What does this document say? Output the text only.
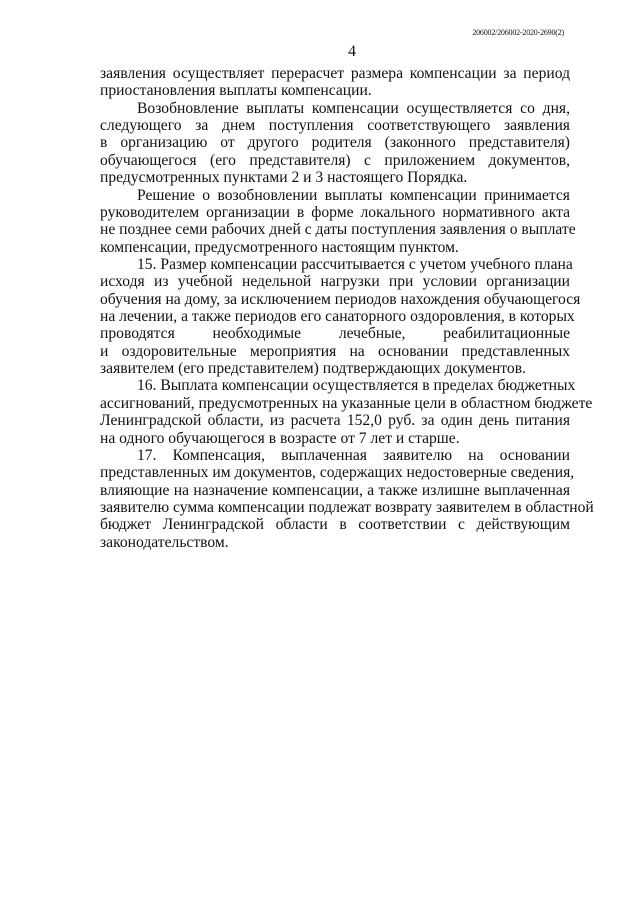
206002/206002-2020-2690(2)
4
заявления осуществляет перерасчет размера компенсации за период
приостановления выплаты компенсации.
Возобновление выплаты компенсации осуществляется со дня,
следующего за днем поступления соответствующего заявления
в организацию от другого родителя (законного представителя)
обучающегося (его представителя) с приложением документов,
предусмотренных пунктами 2 и 3 настоящего Порядка.
Решение о возобновлении выплаты компенсации принимается
руководителем организации в форме локального нормативного акта
не позднее семи рабочих дней с даты поступления заявления о выплате
компенсации, предусмотренного настоящим пунктом.
15. Размер компенсации рассчитывается с учетом учебного плана
исходя из учебной недельной нагрузки при условии организации
обучения на дому, за исключением периодов нахождения обучающегося
на лечении, а также периодов его санаторного оздоровления, в которых
проводятся необходимые лечебные, реабилитационные
и оздоровительные мероприятия на основании представленных
заявителем (его представителем) подтверждающих документов.
16. Выплата компенсации осуществляется в пределах бюджетных
ассигнований, предусмотренных на указанные цели в областном бюджете
Ленинградской области, из расчета 152,0 руб. за один день питания
на одного обучающегося в возрасте от 7 лет и старше.
17. Компенсация, выплаченная заявителю на основании
представленных им документов, содержащих недостоверные сведения,
влияющие на назначение компенсации, а также излишне выплаченная
заявителю сумма компенсации подлежат возврату заявителем в областной
бюджет Ленинградской области в соответствии с действующим
законодательством.
